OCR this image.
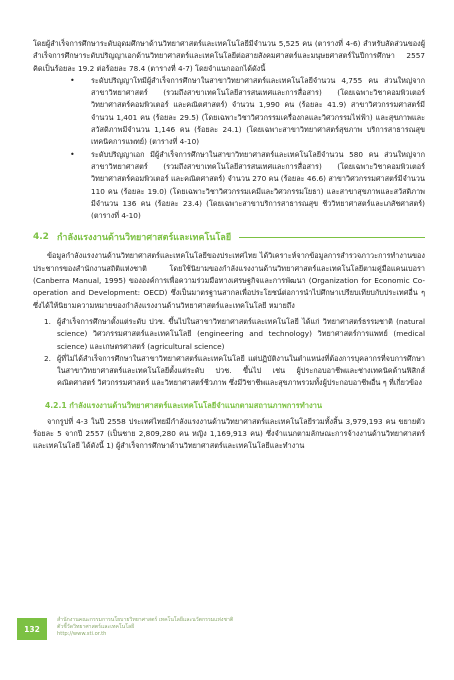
โดยผู้สำเร็จการศึกษาระดับอุดมศึกษาด้านวิทยาศาสตร์และเทคโนโลยีมีจำนวน 5,525 คน (ตารางที่ 4-6) สำหรับสัดส่วนของผู้สำเร็จการศึกษาระดับปริญญาเอกด้านวิทยาศาสตร์และเทคโนโลยีต่อสายสังคมศาสตร์และมนุษยศาสตร์ในปีการศึกษา 2557 คิดเป็นร้อยละ 19.2 ต่อร้อยละ 78.4 (ตารางที่ 4-7) โดยจำแนกออกได้ดังนี้

• ระดับปริญญาโทมีผู้สำเร็จการศึกษาในสาขาวิทยาศาสตร์และเทคโนโลยีจำนวน 4,755 คน ส่วนใหญ่จากสาขาวิทยาศาสตร์ (รวมถึงสาขาเทคโนโลยีสารสนเทศและการสื่อสาร) (โดยเฉพาะวิชาคอมพิวเตอร์ วิทยาศาสตร์คอมพิวเตอร์ และคณิตศาสตร์) จำนวน 1,990 คน (ร้อยละ 41.9) สาขาวิศวกรรมศาสตร์มีจำนวน 1,401 คน (ร้อยละ 29.5) (โดยเฉพาะวิชาวิศวกรรมเครื่องกลและวิศวกรรมไฟฟ้า) และสุขภาพและสวัสดิภาพมีจำนวน 1,146 คน (ร้อยละ 24.1) (โดยเฉพาะสาขาวิทยาศาสตร์สุขภาพ บริการสาธารณสุข เทคนิคการแพทย์) (ตารางที่ 4-10)

• ระดับปริญญาเอก มีผู้สำเร็จการศึกษาในสาขาวิทยาศาสตร์และเทคโนโลยีจำนวน 580 คน ส่วนใหญ่จากสาขาวิทยาศาสตร์ (รวมถึงสาขาเทคโนโลยีสารสนเทศและการสื่อสาร) (โดยเฉพาะวิชาคอมพิวเตอร์ วิทยาศาสตร์คอมพิวเตอร์ และคณิตศาสตร์) จำนวน 270 คน (ร้อยละ 46.6) สาขาวิศวกรรมศาสตร์มีจำนวน 110 คน (ร้อยละ 19.0) (โดยเฉพาะวิชาวิศวกรรมเคมีและวิศวกรรมโยธา) และสาขาสุขภาพและสวัสดิภาพมีจำนวน 136 คน (ร้อยละ 23.4) (โดยเฉพาะสาขาบริการสาธารณสุข ชีววิทยาศาสตร์และเภสัชศาสตร์) (ตารางที่ 4-10)

4.2 กำลังแรงงานด้านวิทยาศาสตร์และเทคโนโลยี

ข้อมูลกำลังแรงงานด้านวิทยาศาสตร์และเทคโนโลยีของประเทศไทย ได้วิเคราะห์จากข้อมูลการสำรวจภาวะการทำงานของประชากรของสำนักงานสถิติแห่งชาติ โดยใช้นิยามของกำลังแรงงานด้านวิทยาศาสตร์และเทคโนโลยีตามคู่มือแคนเบอรา (Canberra Manual, 1995) ขององค์การเพื่อความร่วมมือทางเศรษฐกิจและการพัฒนา (Organization for Economic Co-operation and Development: OECD) ซึ่งเป็นมาตรฐานสากลเพื่อประโยชน์ต่อการนำไปศึกษาเปรียบเทียบกับประเทศอื่น ๆ ซึ่งได้ให้นิยามความหมายของกำลังแรงงานด้านวิทยาศาสตร์และเทคโนโลยี หมายถึง

1. ผู้สำเร็จการศึกษาตั้งแต่ระดับ ปวช. ขึ้นไปในสาขาวิทยาศาสตร์และเทคโนโลยี ได้แก่ วิทยาศาสตร์ธรรมชาติ (natural science) วิศวกรรมศาสตร์และเทคโนโลยี (engineering and technology) วิทยาศาสตร์การแพทย์ (medical science) และเกษตรศาสตร์ (agricultural science)

2. ผู้ที่ไม่ได้สำเร็จการศึกษาในสาขาวิทยาศาสตร์และเทคโนโลยี แต่ปฏิบัติงานในตำแหน่งที่ต้องการบุคลากรที่จบการศึกษาในสาขาวิทยาศาสตร์และเทคโนโลยีตั้งแต่ระดับ ปวช. ขึ้นไป เช่น ผู้ประกอบอาชีพและช่างเทคนิคด้านฟิสิกส์ คณิตศาสตร์ วิศวกรรมศาสตร์ และวิทยาศาสตร์ชีวภาพ ซึ่งมีวิชาชีพและสุขภาพรวมทั้งผู้ประกอบอาชีพอื่น ๆ ที่เกี่ยวข้อง

4.2.1 กำลังแรงงานด้านวิทยาศาสตร์และเทคโนโลยีจำแนกตามสถานภาพการทำงาน

จากรูปที่ 4-3 ในปี 2558 ประเทศไทยมีกำลังแรงงานด้านวิทยาศาสตร์และเทคโนโลยีรวมทั้งสิ้น 3,979,193 คน ขยายตัวร้อยละ 5 จากปี 2557 (เป็นชาย 2,809,280 คน หญิง 1,169,913 คน) ซึ่งจำแนกตามลักษณะการจ้างงานด้านวิทยาศาสตร์และเทคโนโลยี ได้ดังนี้ 1) ผู้สำเร็จการศึกษาด้านวิทยาศาสตร์และเทคโนโลยีและทำงาน

132
สำนักงานคณะกรรมการนโยบายวิทยาศาสตร์ เทคโนโลยีและนวัตกรรมแห่งชาติ
ตัวชี้วัดวิทยาศาสตร์และเทคโนโลยี
http://www.sti.or.th
